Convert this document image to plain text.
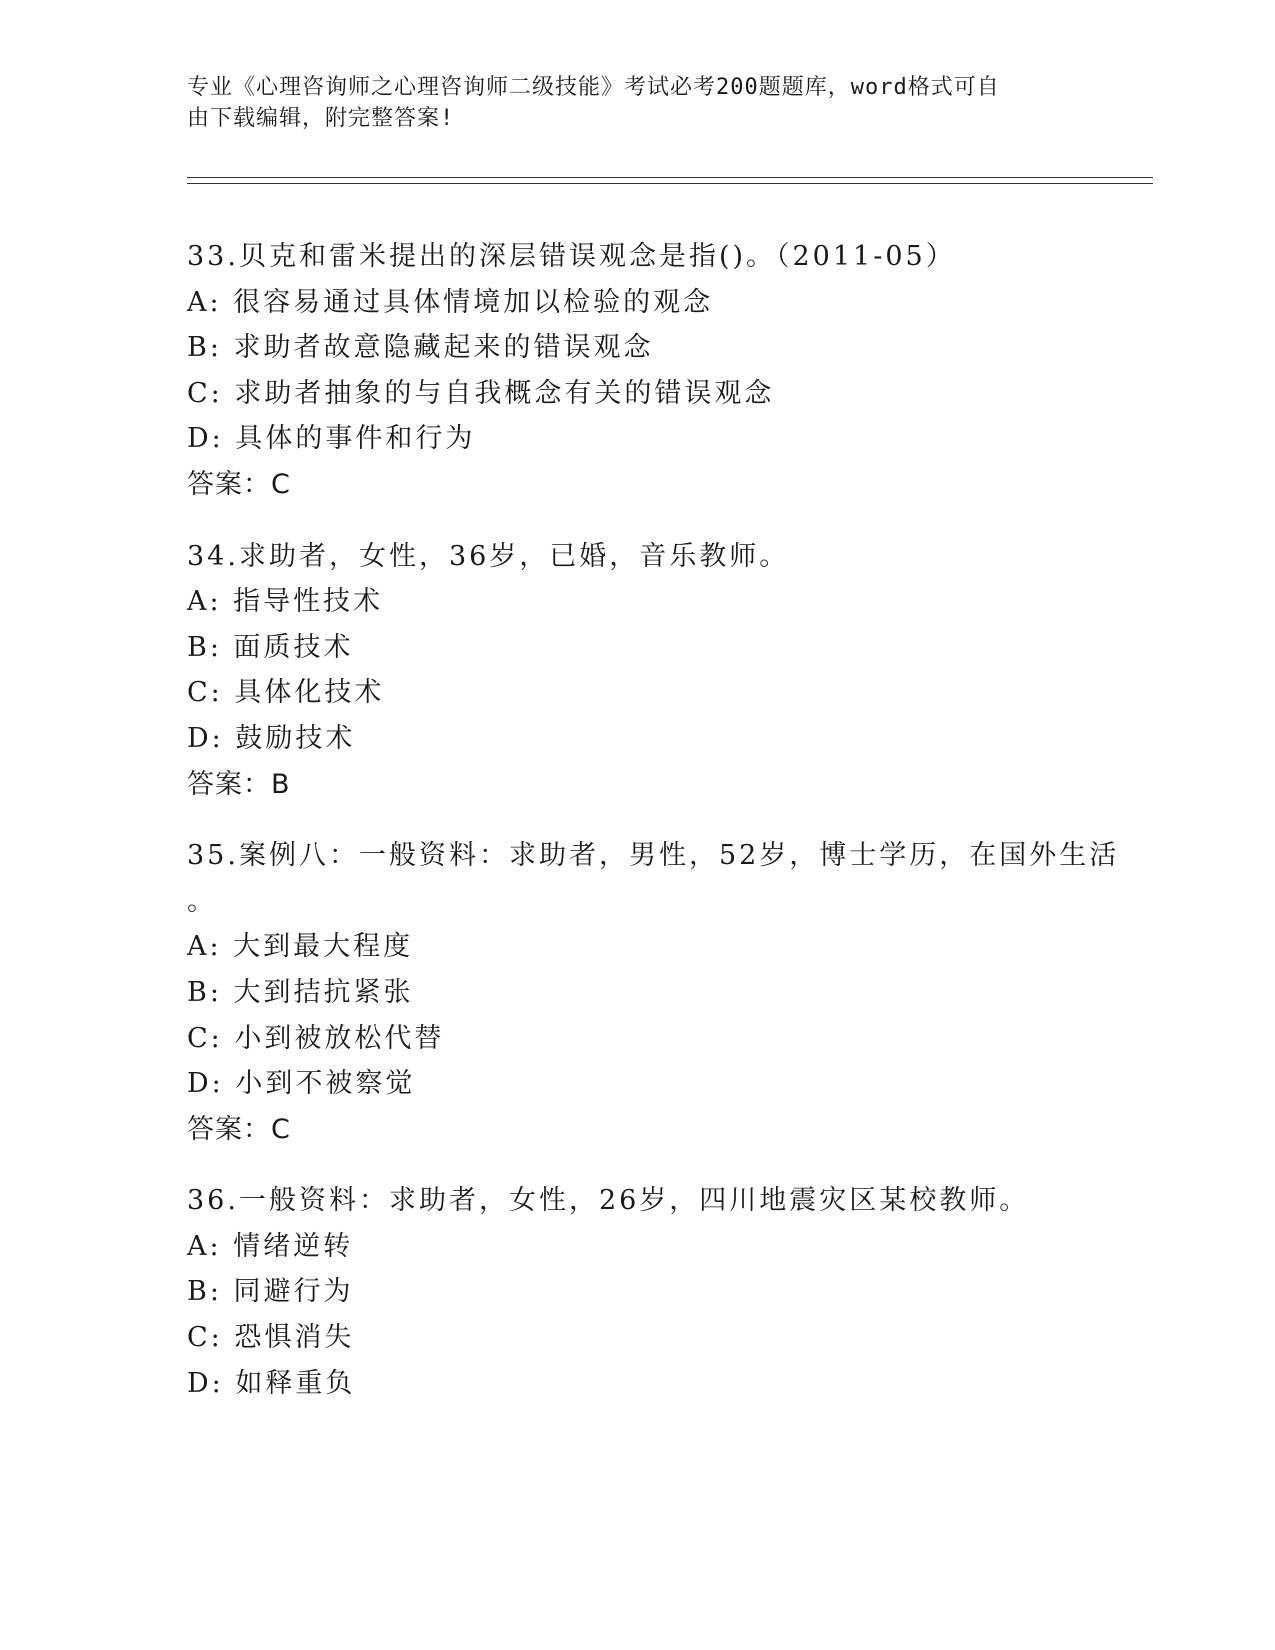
专业《心理咨询师之心理咨询师二级技能》考试必考200题题库，word格式可自
由下载编辑，附完整答案!
33.贝克和雷米提出的深层错误观念是指()。（2011-05）
A: 很容易通过具体情境加以检验的观念
B: 求助者故意隐藏起来的错误观念
C: 求助者抽象的与自我概念有关的错误观念
D: 具体的事件和行为
答案：C
34.求助者，女性，36岁，已婚，音乐教师。
A: 指导性技术
B: 面质技术
C: 具体化技术
D: 鼓励技术
答案：B
35.案例八：一般资料：求助者，男性，52岁，博士学历，在国外生活
。
A: 大到最大程度
B: 大到拮抗紧张
C: 小到被放松代替
D: 小到不被察觉
答案：C
36.一般资料：求助者，女性，26岁，四川地震灾区某校教师。
A: 情绪逆转
B: 同避行为
C: 恐惧消失
D: 如释重负
